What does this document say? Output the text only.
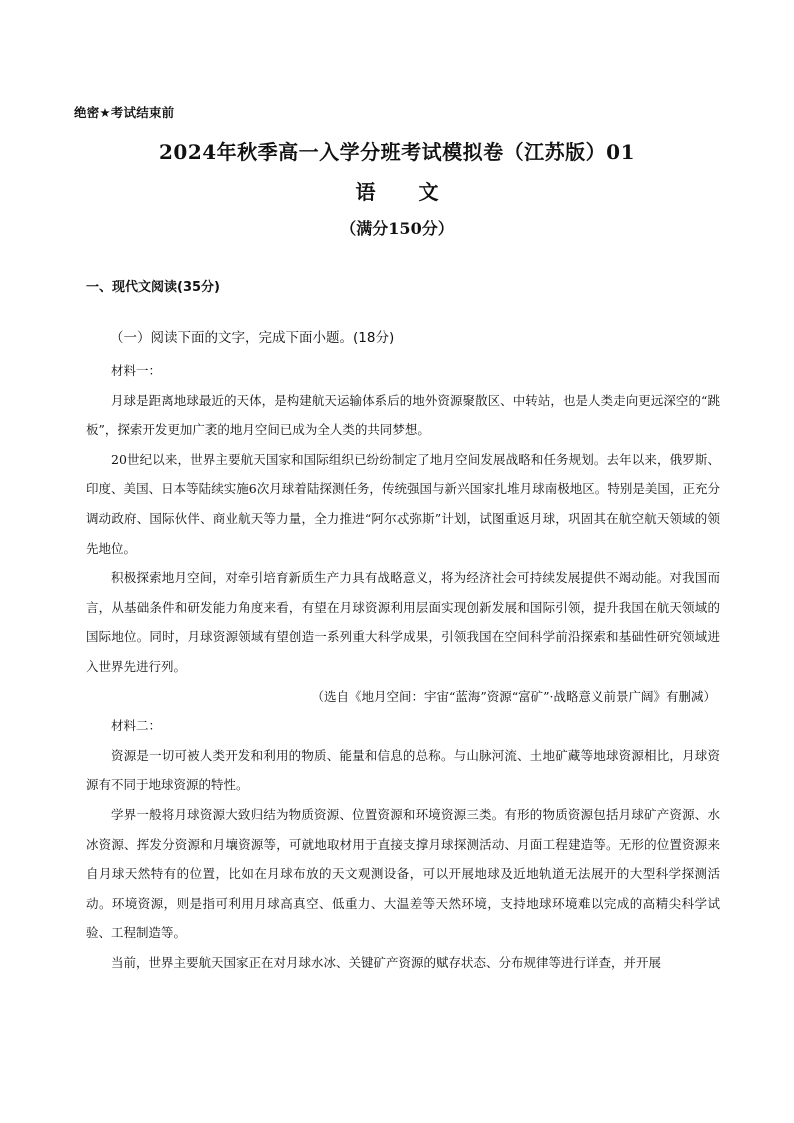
绝密★考试结束前
2024年秋季高一入学分班考试模拟卷（江苏版）01
语 文
（满分150分）
一、现代文阅读(35分)
（一）阅读下面的文字，完成下面小题。(18分)

材料一：

月球是距离地球最近的天体，是构建航天运输体系后的地外资源聚散区、中转站，也是人类走向更远深空的“跳板”，探索开发更加广袤的地月空间已成为全人类的共同梦想。

20世纪以来，世界主要航天国家和国际组织已纷纷制定了地月空间发展战略和任务规划。去年以来，俄罗斯、印度、美国、日本等陆续实施6次月球着陆探测任务，传统强国与新兴国家扎堆月球南极地区。特别是美国，正充分调动政府、国际伙伴、商业航天等力量，全力推进“阿尔忒弥斯”计划，试图重返月球，巩固其在航空航天领域的领先地位。

积极探索地月空间，对牵引培育新质生产力具有战略意义，将为经济社会可持续发展提供不竭动能。对我国而言，从基础条件和研发能力角度来看，有望在月球资源利用层面实现创新发展和国际引领，提升我国在航天领域的国际地位。同时，月球资源领域有望创造一系列重大科学成果，引领我国在空间科学前沿探索和基础性研究领域进入世界先进行列。

（选自《地月空间：宇宙“蓝海”资源“富矿”·战略意义前景广阔》有删减）

材料二：

资源是一切可被人类开发和利用的物质、能量和信息的总称。与山脉河流、土地矿藏等地球资源相比，月球资源有不同于地球资源的特性。

学界一般将月球资源大致归结为物质资源、位置资源和环境资源三类。有形的物质资源包括月球矿产资源、水冰资源、挥发分资源和月壤资源等，可就地取材用于直接支撑月球探测活动、月面工程建造等。无形的位置资源来自月球天然特有的位置，比如在月球布放的天文观测设备，可以开展地球及近地轨道无法展开的大型科学探测活动。环境资源，则是指可利用月球高真空、低重力、大温差等天然环境，支持地球环境难以完成的高精尖科学试验、工程制造等。

当前，世界主要航天国家正在对月球水冰、关键矿产资源的赋存状态、分布规律等进行详查，并开展
